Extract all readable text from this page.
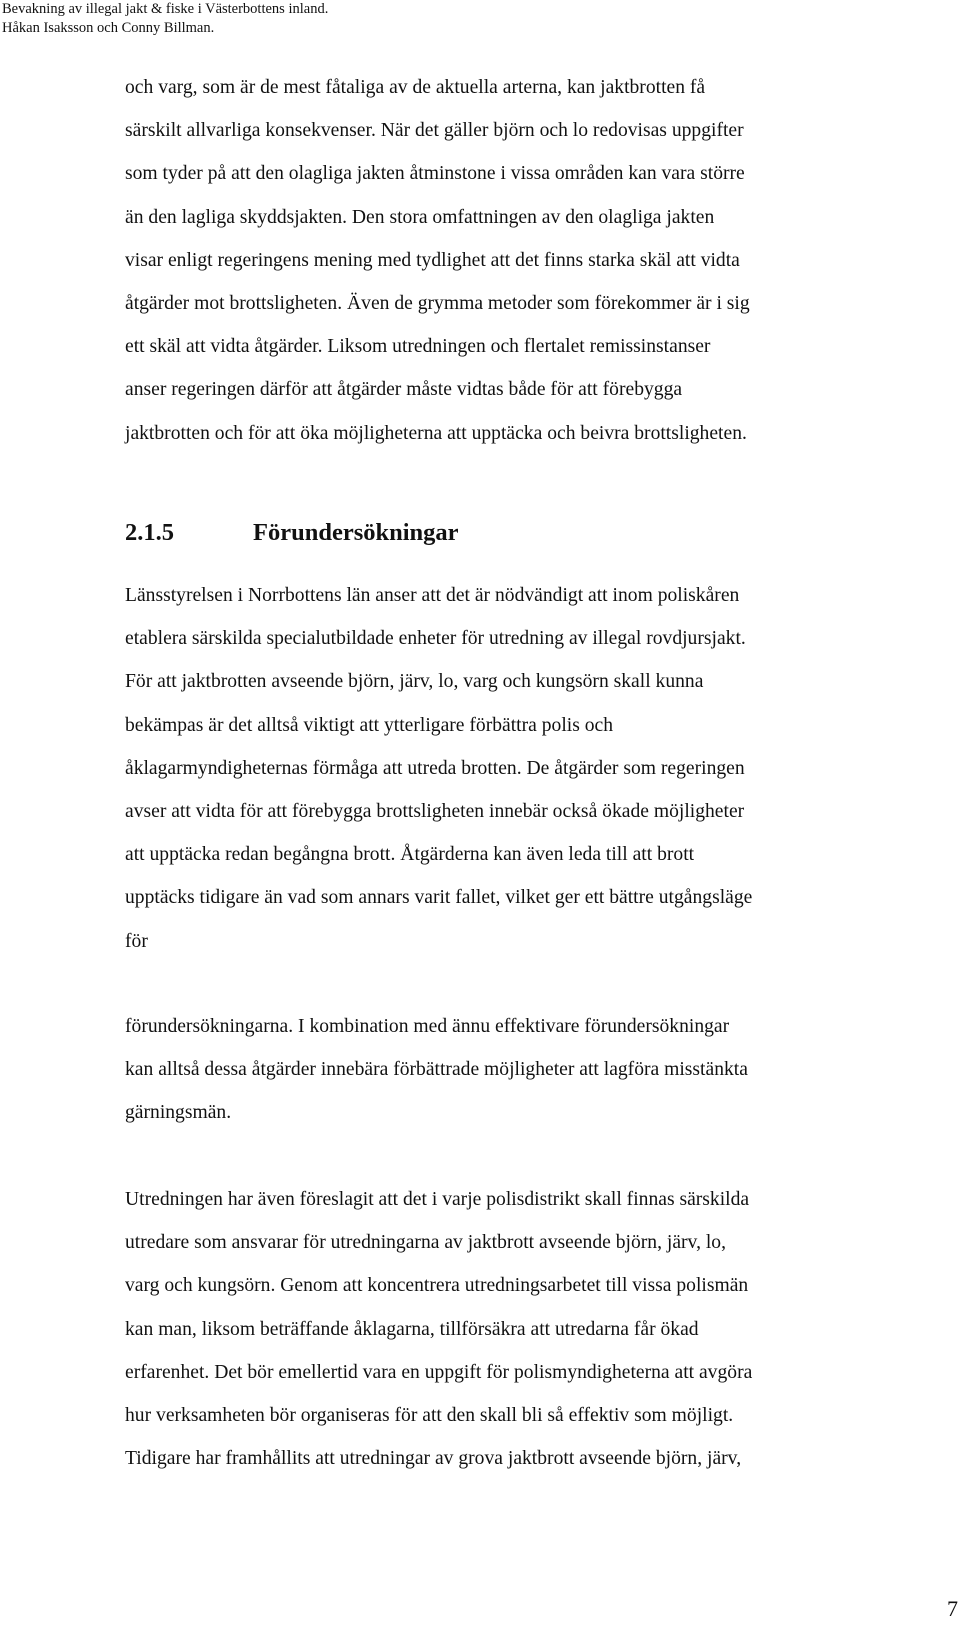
Bevakning av illegal jakt & fiske i Västerbottens inland.
Håkan Isaksson och Conny Billman.

och varg, som är de mest fåtaliga av de aktuella arterna, kan jaktbrotten få
särskilt allvarliga konsekvenser. När det gäller björn och lo redovisas uppgifter
som tyder på att den olagliga jakten åtminstone i vissa områden kan vara större
än den lagliga skyddsjakten. Den stora omfattningen av den olagliga jakten
visar enligt regeringens mening med tydlighet att det finns starka skäl att vidta
åtgärder mot brottsligheten. Även de grymma metoder som förekommer är i sig
ett skäl att vidta åtgärder. Liksom utredningen och flertalet remissinstanser
anser regeringen därför att åtgärder måste vidtas både för att förebygga
jaktbrotten och för att öka möjligheterna att upptäcka och beivra brottsligheten.

2.1.5	Förundersökningar

Länsstyrelsen i Norrbottens län anser att det är nödvändigt att inom poliskåren
etablera särskilda specialutbildade enheter för utredning av illegal rovdjursjakt.
För att jaktbrotten avseende björn, järv, lo, varg och kungsörn skall kunna
bekämpas är det alltså viktigt att ytterligare förbättra polis och
åklagarmyndigheternas förmåga att utreda brotten. De åtgärder som regeringen
avser att vidta för att förebygga brottsligheten innebär också ökade möjligheter
att upptäcka redan begångna brott. Åtgärderna kan även leda till att brott
upptäcks tidigare än vad som annars varit fallet, vilket ger ett bättre utgångsläge
för

förundersökningarna. I kombination med ännu effektivare förundersökningar
kan alltså dessa åtgärder innebära förbättrade möjligheter att lagföra misstänkta
gärningsmän.

Utredningen har även föreslagit att det i varje polisdistrikt skall finnas särskilda
utredare som ansvarar för utredningarna av jaktbrott avseende björn, järv, lo,
varg och kungsörn. Genom att koncentrera utredningsarbetet till vissa polismän
kan man, liksom beträffande åklagarna, tillförsäkra att utredarna får ökad
erfarenhet. Det bör emellertid vara en uppgift för polismyndigheterna att avgöra
hur verksamheten bör organiseras för att den skall bli så effektiv som möjligt.
Tidigare har framhållits att utredningar av grova jaktbrott avseende björn, järv,

7
